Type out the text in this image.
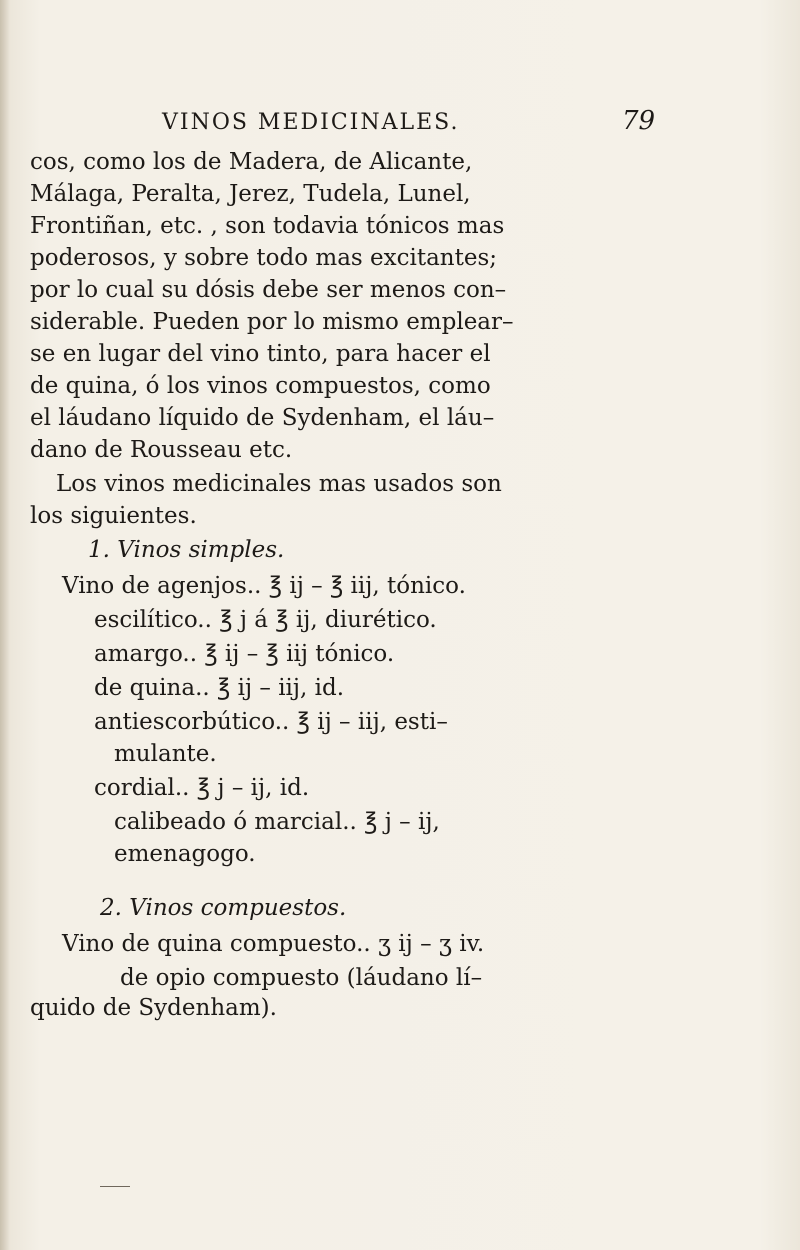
VINOS MEDICINALES.	79
cos, como los de Madera, de Alicante,
Málaga, Peralta, Jerez, Tudela, Lunel,
Frontiñan, etc. , son todavia tónicos mas
poderosos, y sobre todo mas excitantes;
por lo cual su dósis debe ser menos con–
siderable. Pueden por lo mismo emplear–
se en lugar del vino tinto, para hacer el
de quina, ó los vinos compuestos, como
el láudano líquido de Sydenham, el láu–
dano de Rousseau etc.
Los vinos medicinales mas usados son
los siguientes.
1. Vinos simples.
Vino de agenjos.. ℥ ij – ℥ iij, tónico.
escilítico.. ℥ j á ℥ ij, diurético.
amargo.. ℥ ij – ℥ iij tónico.
de quina.. ℥ ij – iij, id.
antiescorbútico.. ℥ ij – iij, esti–
mulante.
cordial.. ℥ j – ij, id.
calibeado ó marcial.. ℥ j – ij,
emenagogo.
2. Vinos compuestos.
Vino de quina compuesto.. ʒ ij – ʒ iv.
de opio compuesto (láudano lí–
quido de Sydenham).
